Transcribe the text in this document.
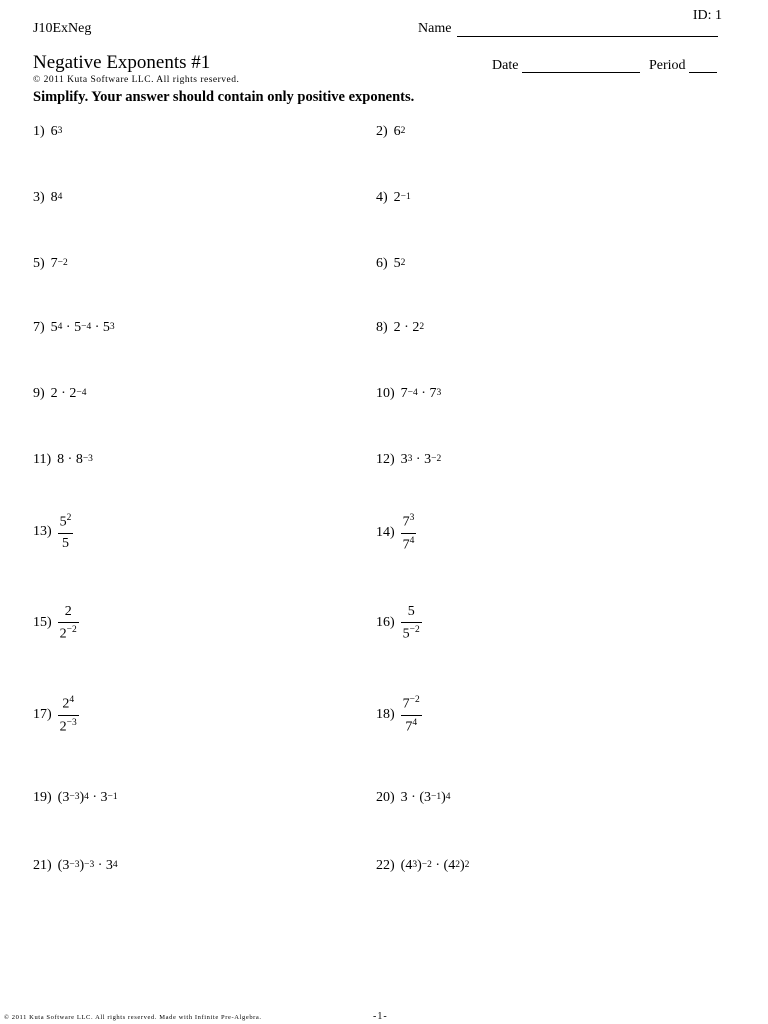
ID: 1
J10ExNeg	Name
Negative Exponents #1	Date	Period
© 2011 Kuta Software LLC. All rights reserved.
Simplify. Your answer should contain only positive exponents.
1) $6^3$	2) $6^2$
3) $8^4$	4) $2^{-1}$
5) $7^{-2}$	6) $5^2$
7) $5^4 \cdot 5^{-4} \cdot 5^3$	8) $2 \cdot 2^2$
9) $2 \cdot 2^{-4}$	10) $7^{-4} \cdot 7^3$
11) $8 \cdot 8^{-3}$	12) $3^3 \cdot 3^{-2}$
$13) \frac{5^2}{5}$	$14) \frac{7^3}{7^4}$
$15) \frac{2}{2^{-2}}$	$16) \frac{5}{5^{-2}}$
$17) \frac{2^4}{2^{-3}}$	$18) \frac{7^{-2}}{7^4}$
19) ($3^{-3}$ )$^4 \cdot 3^{-1}$	20) $3 \cdot (3^{-1}$ )$^4$
21) ($3^{-3}$ )$^{-3} \cdot 3^4$	22) ($4^3$ )$^{-2} \cdot (4^2$ )$^2$
© 2011 Kuta Software LLC. All rights reserved. Made with Infinite Pre-Algebra.	-1-
